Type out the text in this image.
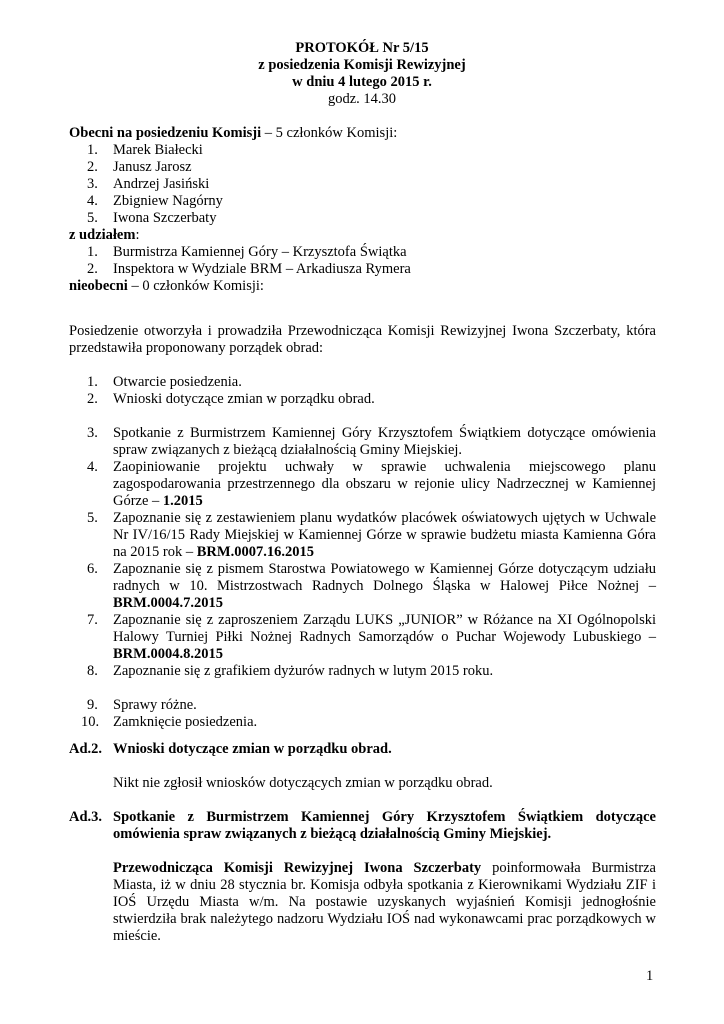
PROTOKÓŁ Nr 5/15
z posiedzenia Komisji Rewizyjnej
w dniu 4 lutego 2015 r.
godz. 14.30
Obecni na posiedzeniu Komisji – 5 członków Komisji:
1.	Marek Białecki
2.	Janusz Jarosz
3.	Andrzej Jasiński
4.	Zbigniew Nagórny
5.	Iwona Szczerbaty
z udziałem:
1.	Burmistrza Kamiennej Góry – Krzysztofa Świątka
2.	Inspektora w Wydziale BRM – Arkadiusza Rymera
nieobecni – 0 członków Komisji:
Posiedzenie otworzyła i prowadziła Przewodnicząca Komisji Rewizyjnej Iwona Szczerbaty, która przedstawiła proponowany porządek obrad:
1.	Otwarcie posiedzenia.
2.	Wnioski dotyczące zmian w porządku obrad.
3.	Spotkanie z Burmistrzem Kamiennej Góry Krzysztofem Świątkiem dotyczące omówienia spraw związanych z bieżącą działalnością Gminy Miejskiej.
4.	Zaopiniowanie projektu uchwały w sprawie uchwalenia miejscowego planu zagospodarowania przestrzennego dla obszaru w rejonie ulicy Nadrzecznej w Kamiennej Górze – 1.2015
5.	Zapoznanie się z zestawieniem planu wydatków placówek oświatowych ujętych w Uchwale Nr IV/16/15 Rady Miejskiej w Kamiennej Górze w sprawie budżetu miasta Kamienna Góra na 2015 rok – BRM.0007.16.2015
6.	Zapoznanie się z pismem Starostwa Powiatowego w Kamiennej Górze dotyczącym udziału radnych w 10. Mistrzostwach Radnych Dolnego Śląska w Halowej Piłce Nożnej – BRM.0004.7.2015
7.	Zapoznanie się z zaproszeniem Zarządu LUKS „JUNIOR” w Różance na XI Ogólnopolski Halowy Turniej Piłki Nożnej Radnych Samorządów o Puchar Wojewody Lubuskiego – BRM.0004.8.2015
8.	Zapoznanie się z grafikiem dyżurów radnych w lutym 2015 roku.
9.	Sprawy różne.
10. Zamknięcie posiedzenia.
Ad.2. Wnioski dotyczące zmian w porządku obrad.
Nikt nie zgłosił wniosków dotyczących zmian w porządku obrad.
Ad.3. Spotkanie z Burmistrzem Kamiennej Góry Krzysztofem Świątkiem dotyczące omówienia spraw związanych z bieżącą działalnością Gminy Miejskiej.
Przewodnicząca Komisji Rewizyjnej Iwona Szczerbaty poinformowała Burmistrza Miasta, iż w dniu 28 stycznia br. Komisja odbyła spotkania z Kierownikami Wydziału ZIF i IOŚ Urzędu Miasta w/m. Na postawie uzyskanych wyjaśnień Komisji jednogłośnie stwierdziła brak należytego nadzoru Wydziału IOŚ nad wykonawcami prac porządkowych w mieście.
1
